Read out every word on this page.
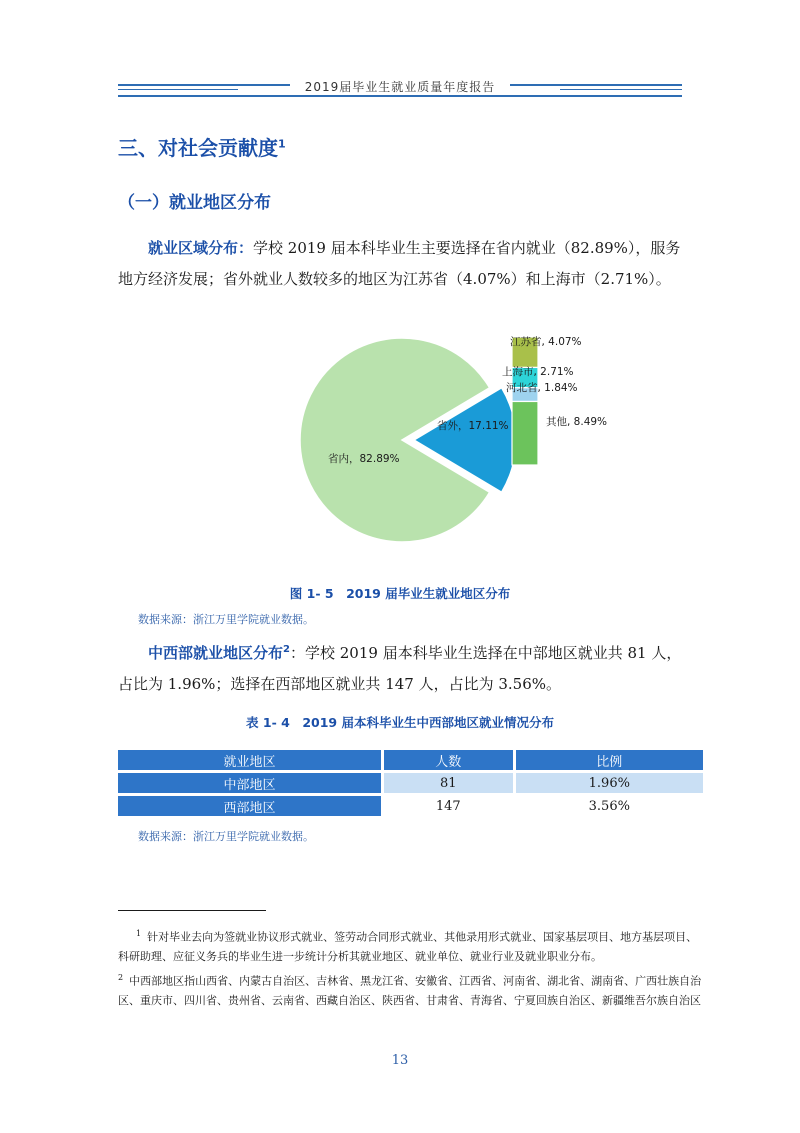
2019届毕业生就业质量年度报告
三、对社会贡献度$^1$
（一）就业地区分布
就业区域分布：学校 2019 届本科毕业生主要选择在省内就业（82.89%），服务地方经济发展；省外就业人数较多的地区为江苏省（4.07%）和上海市（2.71%）。
省内，82.89%
省外，17.11%
江苏省, 4.07%
上海市, 2.71%
河北省, 1.84%
其他, 8.49%
图 1- 5　2019 届毕业生就业地区分布
数据来源：浙江万里学院就业数据。
中西部就业地区分布$^2$：学校 2019 届本科毕业生选择在中部地区就业共 81 人，占比为 1.96%；选择在西部地区就业共 147 人，占比为 3.56%。
表 1- 4　2019 届本科毕业生中西部地区就业情况分布
就业地区	人数	比例
中部地区	81	1.96%
西部地区	147	3.56%
数据来源：浙江万里学院就业数据。
$^1$ 针对毕业去向为签就业协议形式就业、签劳动合同形式就业、其他录用形式就业、国家基层项目、地方基层项目、科研助理、应征义务兵的毕业生进一步统计分析其就业地区、就业单位、就业行业及就业职业分布。
$^2$ 中西部地区指山西省、内蒙古自治区、吉林省、黑龙江省、安徽省、江西省、河南省、湖北省、湖南省、广西壮族自治区、重庆市、四川省、贵州省、云南省、西藏自治区、陕西省、甘肃省、青海省、宁夏回族自治区、新疆维吾尔族自治区
13
